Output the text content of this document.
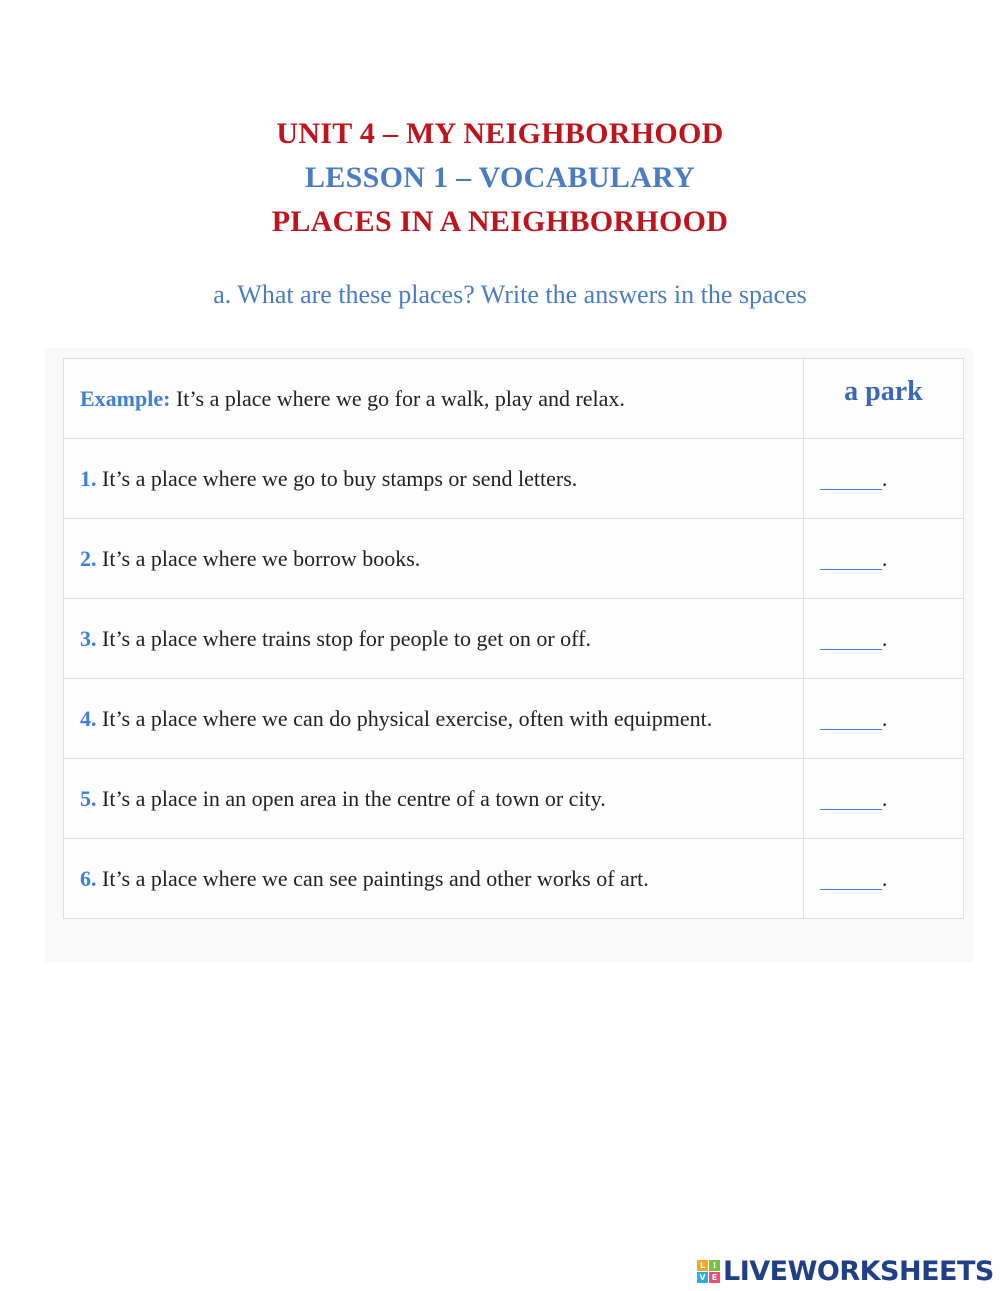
UNIT 4 – MY NEIGHBORHOOD
LESSON 1 – VOCABULARY
PLACES IN A NEIGHBORHOOD
a. What are these places? Write the answers in the spaces
Example: It’s a place where we go for a walk, play and relax.	a park

1. It’s a place where we go to buy stamps or send letters.	.
2. It’s a place where we borrow books.	.
3. It’s a place where trains stop for people to get on or off.	.
4. It’s a place where we can do physical exercise, often with equipment.	.
5. It’s a place in an open area in the centre of a town or city.	.
6. It’s a place where we can see paintings and other works of art.	.
L I
V E LIVEWORKSHEETS
